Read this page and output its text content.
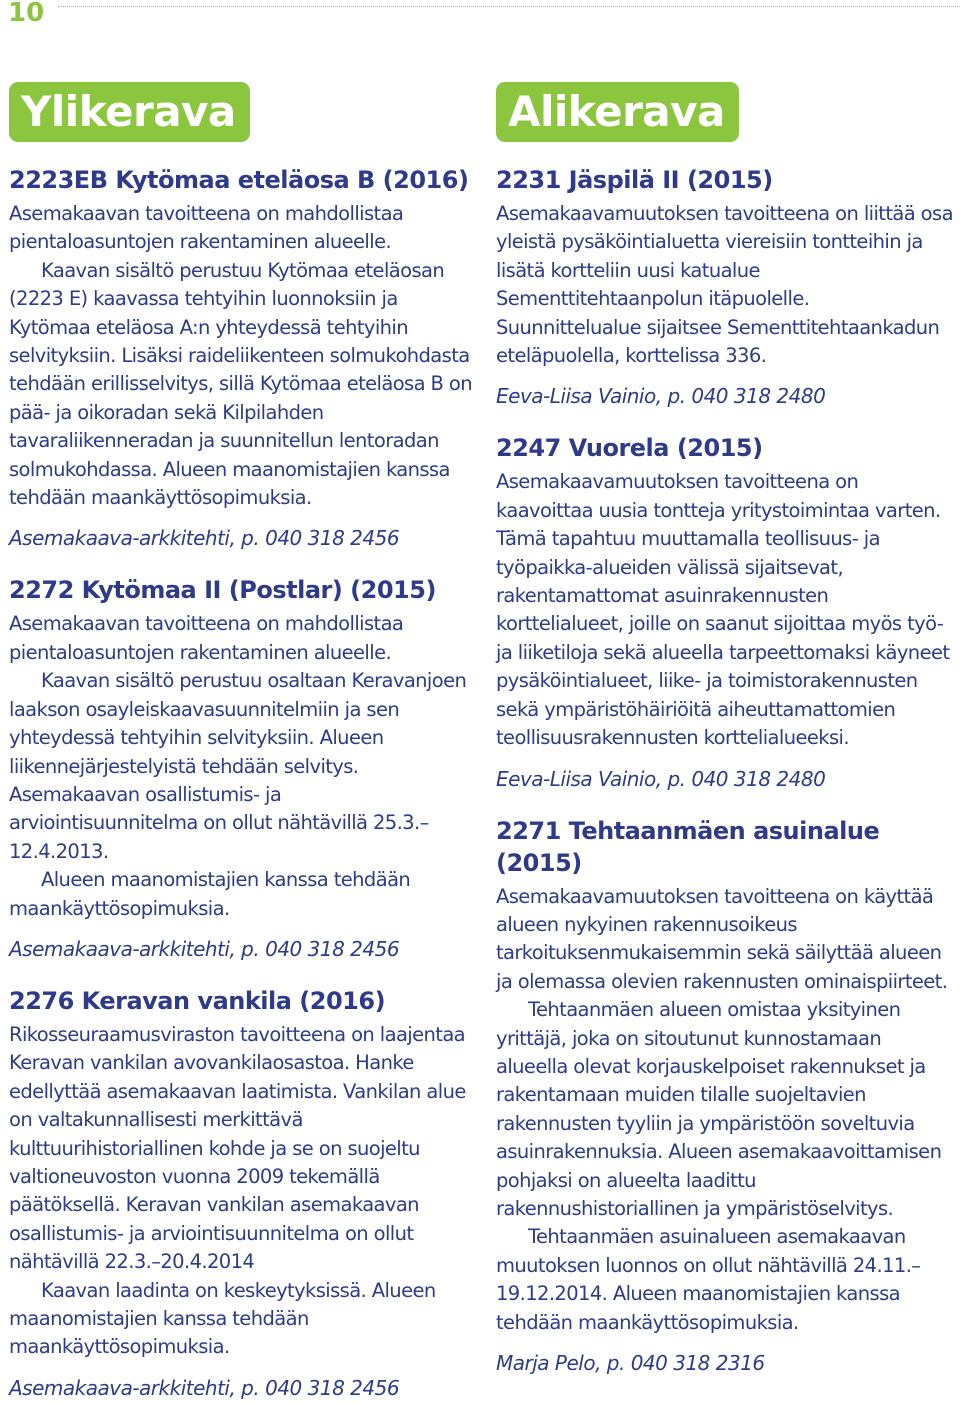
10
Ylikerava
2223EB Kytömaa eteläosa B (2016)

Asemakaavan tavoitteena on mahdollistaa pientaloasuntojen rakentaminen alueelle.

Kaavan sisältö perustuu Kytömaa eteläosan (2223 E) kaavassa tehtyihin luonnoksiin ja Kytömaa eteläosa A:n yhteydessä tehtyihin selvityksiin. Lisäksi raideliikenteen solmukohdasta tehdään erillisselvitys, sillä Kytömaa eteläosa B on pää- ja oikoradan sekä Kilpilahden tavaraliikenneradan ja suunnitellun lentoradan solmukohdassa. Alueen maanomistajien kanssa tehdään maankäyttösopimuksia.

Asemakaava-arkkitehti, p. 040 318 2456
2272 Kytömaa II (Postlar) (2015)

Asemakaavan tavoitteena on mahdollistaa pientaloasuntojen rakentaminen alueelle.

Kaavan sisältö perustuu osaltaan Keravanjoen laakson osayleiskaavasuunnitelmiin ja sen yhteydessä tehtyihin selvityksiin. Alueen liikennejärjestelyistä tehdään selvitys. Asemakaavan osallistumis- ja arviointisuunnitelma on ollut nähtävillä 25.3.–12.4.2013.

Alueen maanomistajien kanssa tehdään maankäyttösopimuksia.

Asemakaava-arkkitehti, p. 040 318 2456
2276 Keravan vankila (2016)

Rikosseuraamusviraston tavoitteena on laajentaa Keravan vankilan avovankilaosastoa. Hanke edellyttää asemakaavan laatimista. Vankilan alue on valtakunnallisesti merkittävä kulttuurihistoriallinen kohde ja se on suojeltu valtioneuvoston vuonna 2009 tekemällä päätöksellä. Keravan vankilan asemakaavan osallistumis- ja arviointisuunnitelma on ollut nähtävillä 22.3.–20.4.2014

Kaavan laadinta on keskeytyksissä. Alueen maanomistajien kanssa tehdään maankäyttösopimuksia.

Asemakaava-arkkitehti, p. 040 318 2456
Alikerava
2231 Jäspilä II (2015)

Asemakaavamuutoksen tavoitteena on liittää osa yleistä pysäköintialuetta viereisiin tontteihin ja lisätä kortteliin uusi katualue Sementtitehtaanpolun itäpuolelle. Suunnittelualue sijaitsee Sementtitehtaankadun eteläpuolella, korttelissa 336.

Eeva-Liisa Vainio, p. 040 318 2480
2247 Vuorela (2015)

Asemakaavamuutoksen tavoitteena on kaavoittaa uusia tontteja yritystoimintaa varten. Tämä tapahtuu muuttamalla teollisuus- ja työpaikka-alueiden välissä sijaitsevat, rakentamattomat asuinrakennusten korttelialueet, joille on saanut sijoittaa myös työ- ja liiketiloja sekä alueella tarpeettomaksi käyneet pysäköintialueet, liike- ja toimistorakennusten sekä ympäristöhäiriöitä aiheuttamattomien teollisuusrakennusten korttelialueeksi.

Eeva-Liisa Vainio, p. 040 318 2480
2271 Tehtaanmäen asuinalue (2015)

Asemakaavamuutoksen tavoitteena on käyttää alueen nykyinen rakennusoikeus tarkoituksenmukaisemmin sekä säilyttää alueen ja olemassa olevien rakennusten ominaispiirteet.

Tehtaanmäen alueen omistaa yksityinen yrittäjä, joka on sitoutunut kunnostamaan alueella olevat korjauskelpoiset rakennukset ja rakentamaan muiden tilalle suojeltavien rakennusten tyyliin ja ympäristöön soveltuvia asuinrakennuksia. Alueen asemakaavoittamisen pohjaksi on alueelta laadittu rakennushistoriallinen ja ympäristöselvitys.

Tehtaanmäen asuinalueen asemakaavan muutoksen luonnos on ollut nähtävillä 24.11.–19.12.2014. Alueen maanomistajien kanssa tehdään maankäyttösopimuksia.

Marja Pelo, p. 040 318 2316
